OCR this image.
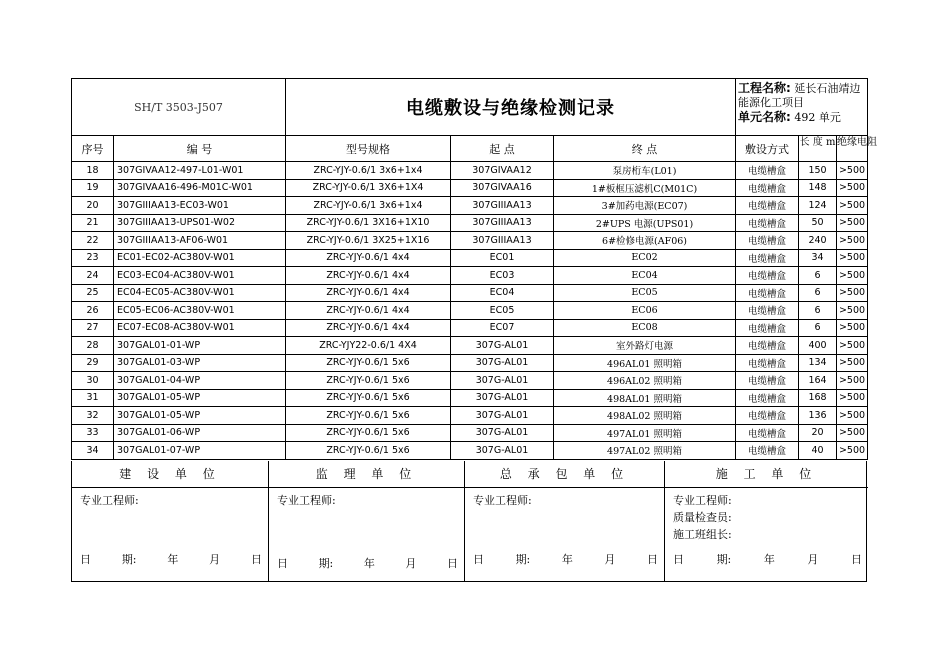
SH/T 3503-J507		电缆敷设与绝缘检测记录			工程名称: 延长石油靖边能源化工项目
单元名称: 492 单元		
序号	编 号	型号规格	起 点	终 点	敷设方式	长 度 m	绝缘电阻
18	307GIVAA12-497-L01-W01	ZRC-YJY-0.6/1 3x6+1x4	307GIVAA12	泵房桁车(L01)	电缆槽盒	150	>500
19	307GIVAA16-496-M01C-W01	ZRC-YJY-0.6/1 3X6+1X4	307GIVAA16	1#板框压滤机C(M01C)	电缆槽盒	148	>500
20	307GIIIAA13-EC03-W01	ZRC-YJY-0.6/1 3x6+1x4	307GIIIAA13	3#加药电源(EC07)	电缆槽盒	124	>500
21	307GIIIAA13-UPS01-W02	ZRC-YJY-0.6/1 3X16+1X10	307GIIIAA13	2#UPS 电源(UPS01)	电缆槽盒	50	>500
22	307GIIIAA13-AF06-W01	ZRC-YJY-0.6/1 3X25+1X16	307GIIIAA13	6#检修电源(AF06)	电缆槽盒	240	>500
23	EC01-EC02-AC380V-W01	ZRC-YJY-0.6/1 4x4	EC01	EC02	电缆槽盒	34	>500
24	EC03-EC04-AC380V-W01	ZRC-YJY-0.6/1 4x4	EC03	EC04	电缆槽盒	6	>500
25	EC04-EC05-AC380V-W01	ZRC-YJY-0.6/1 4x4	EC04	EC05	电缆槽盒	6	>500
26	EC05-EC06-AC380V-W01	ZRC-YJY-0.6/1 4x4	EC05	EC06	电缆槽盒	6	>500
27	EC07-EC08-AC380V-W01	ZRC-YJY-0.6/1 4x4	EC07	EC08	电缆槽盒	6	>500
28	307GAL01-01-WP	ZRC-YJY22-0.6/1 4X4	307G-AL01	室外路灯电源	电缆槽盒	400	>500
29	307GAL01-03-WP	ZRC-YJY-0.6/1 5x6	307G-AL01	496AL01 照明箱	电缆槽盒	134	>500
30	307GAL01-04-WP	ZRC-YJY-0.6/1 5x6	307G-AL01	496AL02 照明箱	电缆槽盒	164	>500
31	307GAL01-05-WP	ZRC-YJY-0.6/1 5x6	307G-AL01	498AL01 照明箱	电缆槽盒	168	>500
32	307GAL01-05-WP	ZRC-YJY-0.6/1 5x6	307G-AL01	498AL02 照明箱	电缆槽盒	136	>500
33	307GAL01-06-WP	ZRC-YJY-0.6/1 5x6	307G-AL01	497AL01 照明箱	电缆槽盒	20	>500
34	307GAL01-07-WP	ZRC-YJY-0.6/1 5x6	307G-AL01	497AL02 照明箱	电缆槽盒	40	>500
建 设 单 位
专业工程师:
日	期:	年	月	日
监 理 单 位
专业工程师:
日	期:	年	月	日
总 承 包 单 位
专业工程师:
日	期:	年	月	日
施 工 单 位
专业工程师:
质量检查员:
施工班组长:
日	期:	年	月	日
